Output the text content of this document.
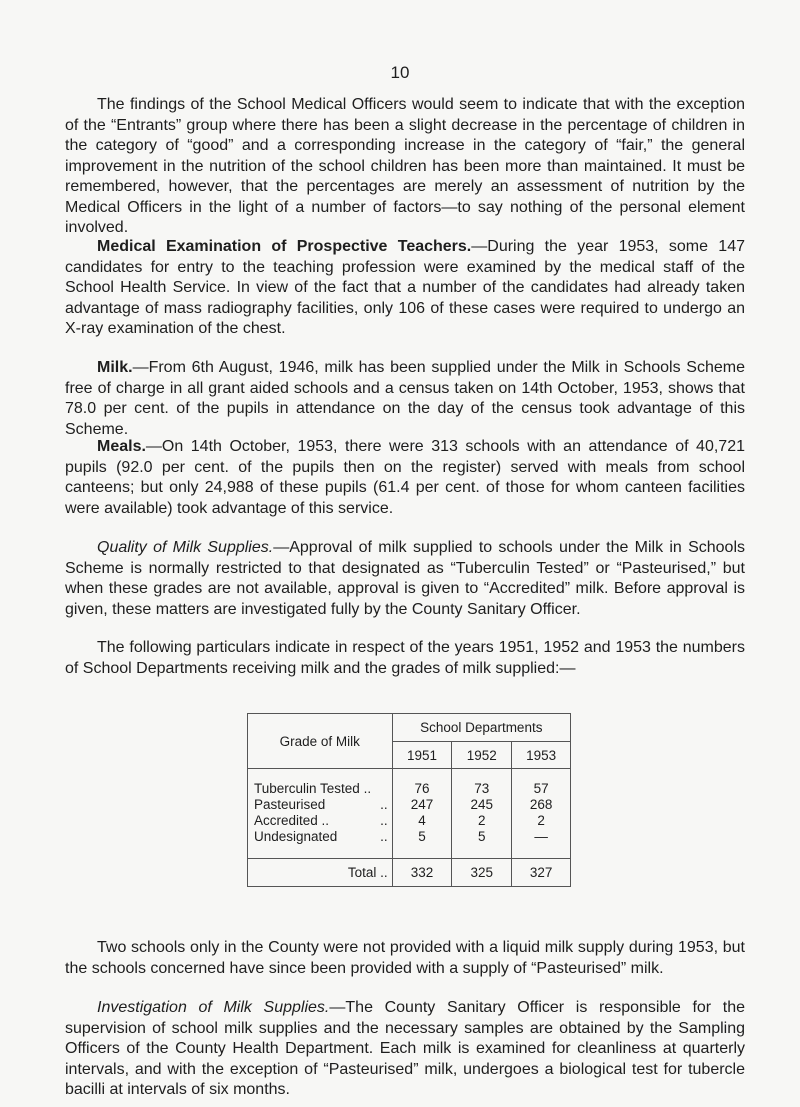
10

The findings of the School Medical Officers would seem to indicate that with the exception of the “Entrants” group where there has been a slight decrease in the percentage of children in the category of “good” and a corresponding increase in the category of “fair,” the general improvement in the nutrition of the school children has been more than maintained. It must be remembered, however, that the percentages are merely an assessment of nutrition by the Medical Officers in the light of a number of factors—to say nothing of the personal element involved.

Medical Examination of Prospective Teachers.—During the year 1953, some 147 candidates for entry to the teaching profession were examined by the medical staff of the School Health Service. In view of the fact that a number of the candidates had already taken advantage of mass radiography facilities, only 106 of these cases were required to undergo an X-ray examination of the chest.

Milk.—From 6th August, 1946, milk has been supplied under the Milk in Schools Scheme free of charge in all grant aided schools and a census taken on 14th October, 1953, shows that 78.0 per cent. of the pupils in attendance on the day of the census took advantage of this Scheme.

Meals.—On 14th October, 1953, there were 313 schools with an attendance of 40,721 pupils (92.0 per cent. of the pupils then on the register) served with meals from school canteens; but only 24,988 of these pupils (61.4 per cent. of those for whom canteen facilities were available) took advantage of this service.

Quality of Milk Supplies.—Approval of milk supplied to schools under the Milk in Schools Scheme is normally restricted to that designated as “Tuberculin Tested” or “Pasteurised,” but when these grades are not available, approval is given to “Accredited” milk. Before approval is given, these matters are investigated fully by the County Sanitary Officer.

The following particulars indicate in respect of the years 1951, 1952 and 1953 the numbers of School Departments receiving milk and the grades of milk supplied:—

Grade of Milk	School Departments		
	1951	1952	1953

Tuberculin Tested ..	76	73	57
Pasteurised ..	247	245	268
Accredited .. ..	4	2	2
Undesignated ..	5	5	—

Total ..	332	325	327

Two schools only in the County were not provided with a liquid milk supply during 1953, but the schools concerned have since been provided with a supply of “Pasteurised” milk.

Investigation of Milk Supplies.—The County Sanitary Officer is responsible for the supervision of school milk supplies and the necessary samples are obtained by the Sampling Officers of the County Health Department. Each milk is examined for cleanliness at quarterly intervals, and with the exception of “Pasteurised” milk, undergoes a biological test for tubercle bacilli at intervals of six months.
